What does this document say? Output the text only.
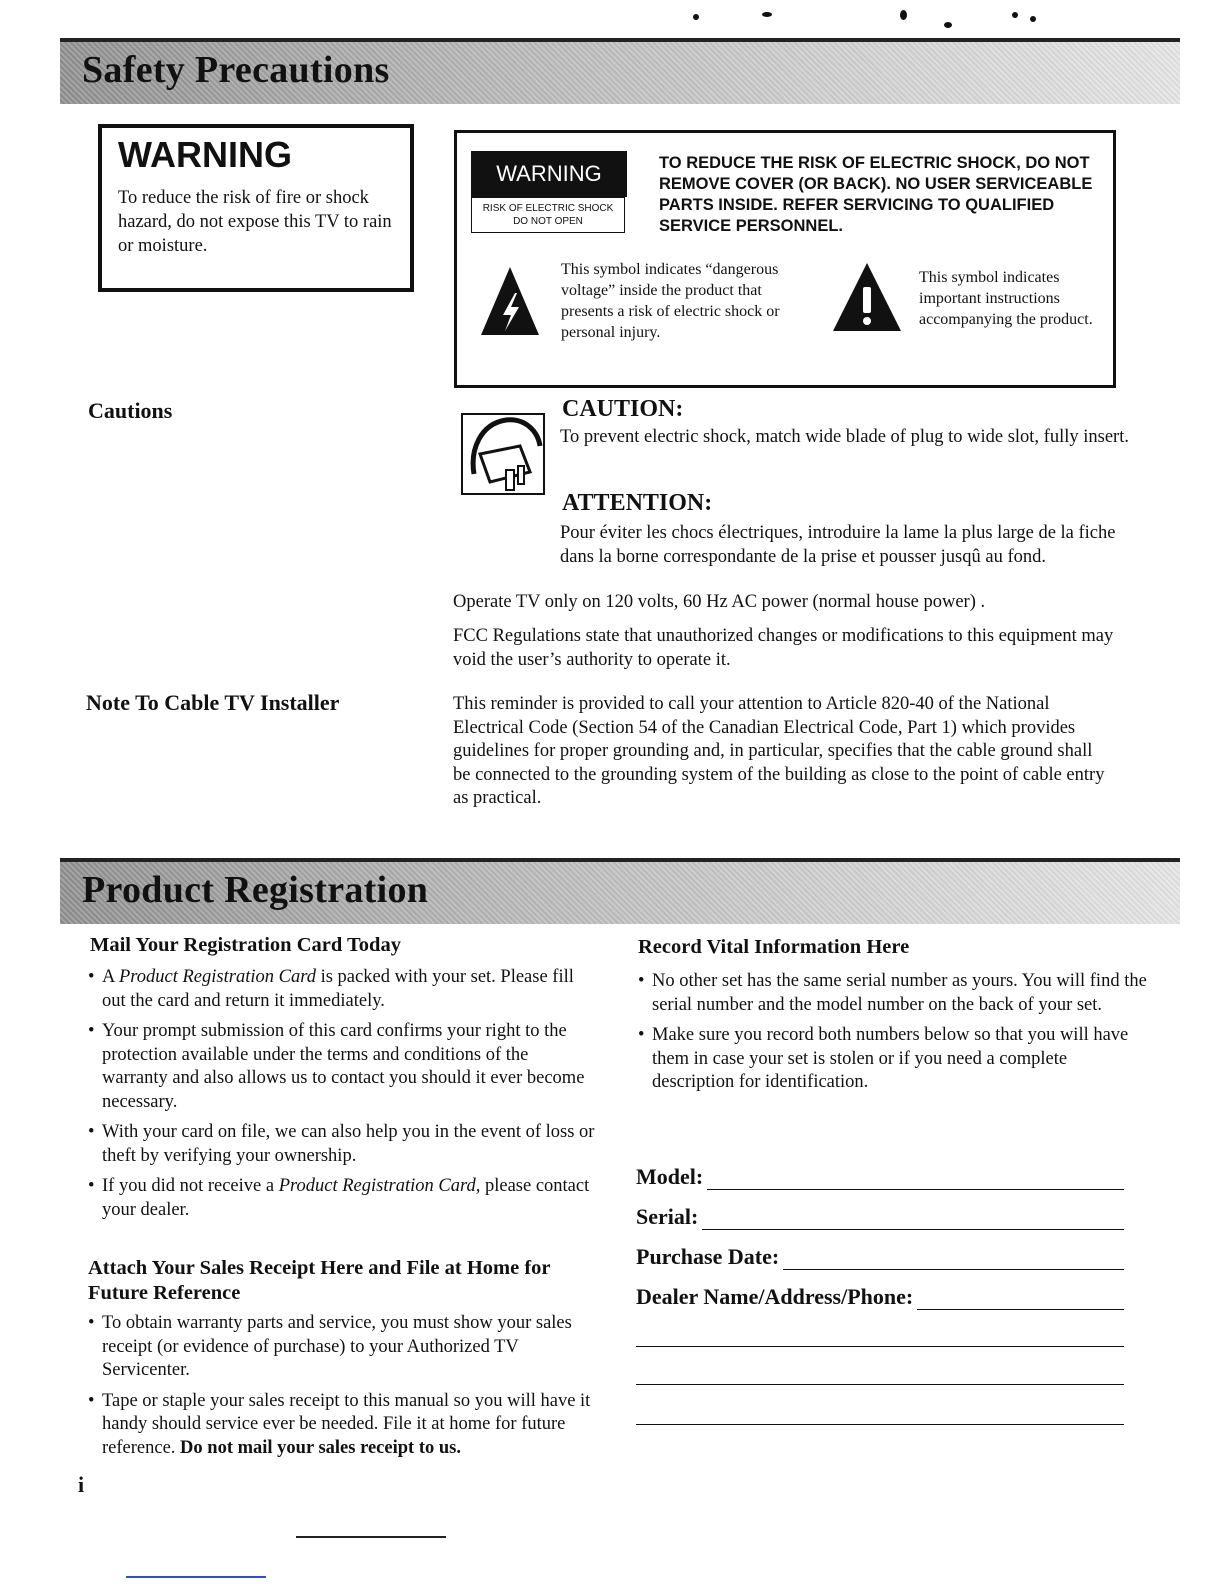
Safety Precautions
WARNING
To reduce the risk of fire or shock hazard, do not expose this TV to rain or moisture.
WARNING
RISK OF ELECTRIC SHOCK
DO NOT OPEN
TO REDUCE THE RISK OF ELECTRIC SHOCK, DO NOT REMOVE COVER (OR BACK). NO USER SERVICEABLE PARTS INSIDE. REFER SERVICING TO QUALIFIED SERVICE PERSONNEL.
This symbol indicates “dangerous voltage” inside the product that presents a risk of electric shock or personal injury.
This symbol indicates important instructions accompanying the product.
Cautions	CAUTION:
To prevent electric shock, match wide blade of plug to wide slot, fully insert.
ATTENTION:
Pour éviter les chocs électriques, introduire la lame la plus large de la fiche dans la borne correspondante de la prise et pousser jusqû au fond.
Operate TV only on 120 volts, 60 Hz AC power (normal house power) .
FCC Regulations state that unauthorized changes or modifications to this equipment may void the user’s authority to operate it.
Note To Cable TV Installer	This reminder is provided to call your attention to Article 820-40 of the National Electrical Code (Section 54 of the Canadian Electrical Code, Part 1) which provides guidelines for proper grounding and, in particular, specifies that the cable ground shall be connected to the grounding system of the building as close to the point of cable entry as practical.
Product Registration
Mail Your Registration Card Today
• A Product Registration Card is packed with your set. Please fill out the card and return it immediately.
• Your prompt submission of this card confirms your right to the protection available under the terms and conditions of the warranty and also allows us to contact you should it ever become necessary.
• With your card on file, we can also help you in the event of loss or theft by verifying your ownership.
• If you did not receive a Product Registration Card, please contact your dealer.
Attach Your Sales Receipt Here and File at Home for Future Reference
• To obtain warranty parts and service, you must show your sales receipt (or evidence of purchase) to your Authorized TV Servicenter.
• Tape or staple your sales receipt to this manual so you will have it handy should service ever be needed. File it at home for future reference. Do not mail your sales receipt to us.
Record Vital Information Here
• No other set has the same serial number as yours. You will find the serial number and the model number on the back of your set.
• Make sure you record both numbers below so that you will have them in case your set is stolen or if you need a complete description for identification.
Model:
Serial:
Purchase Date:
Dealer Name/Address/Phone:
i
